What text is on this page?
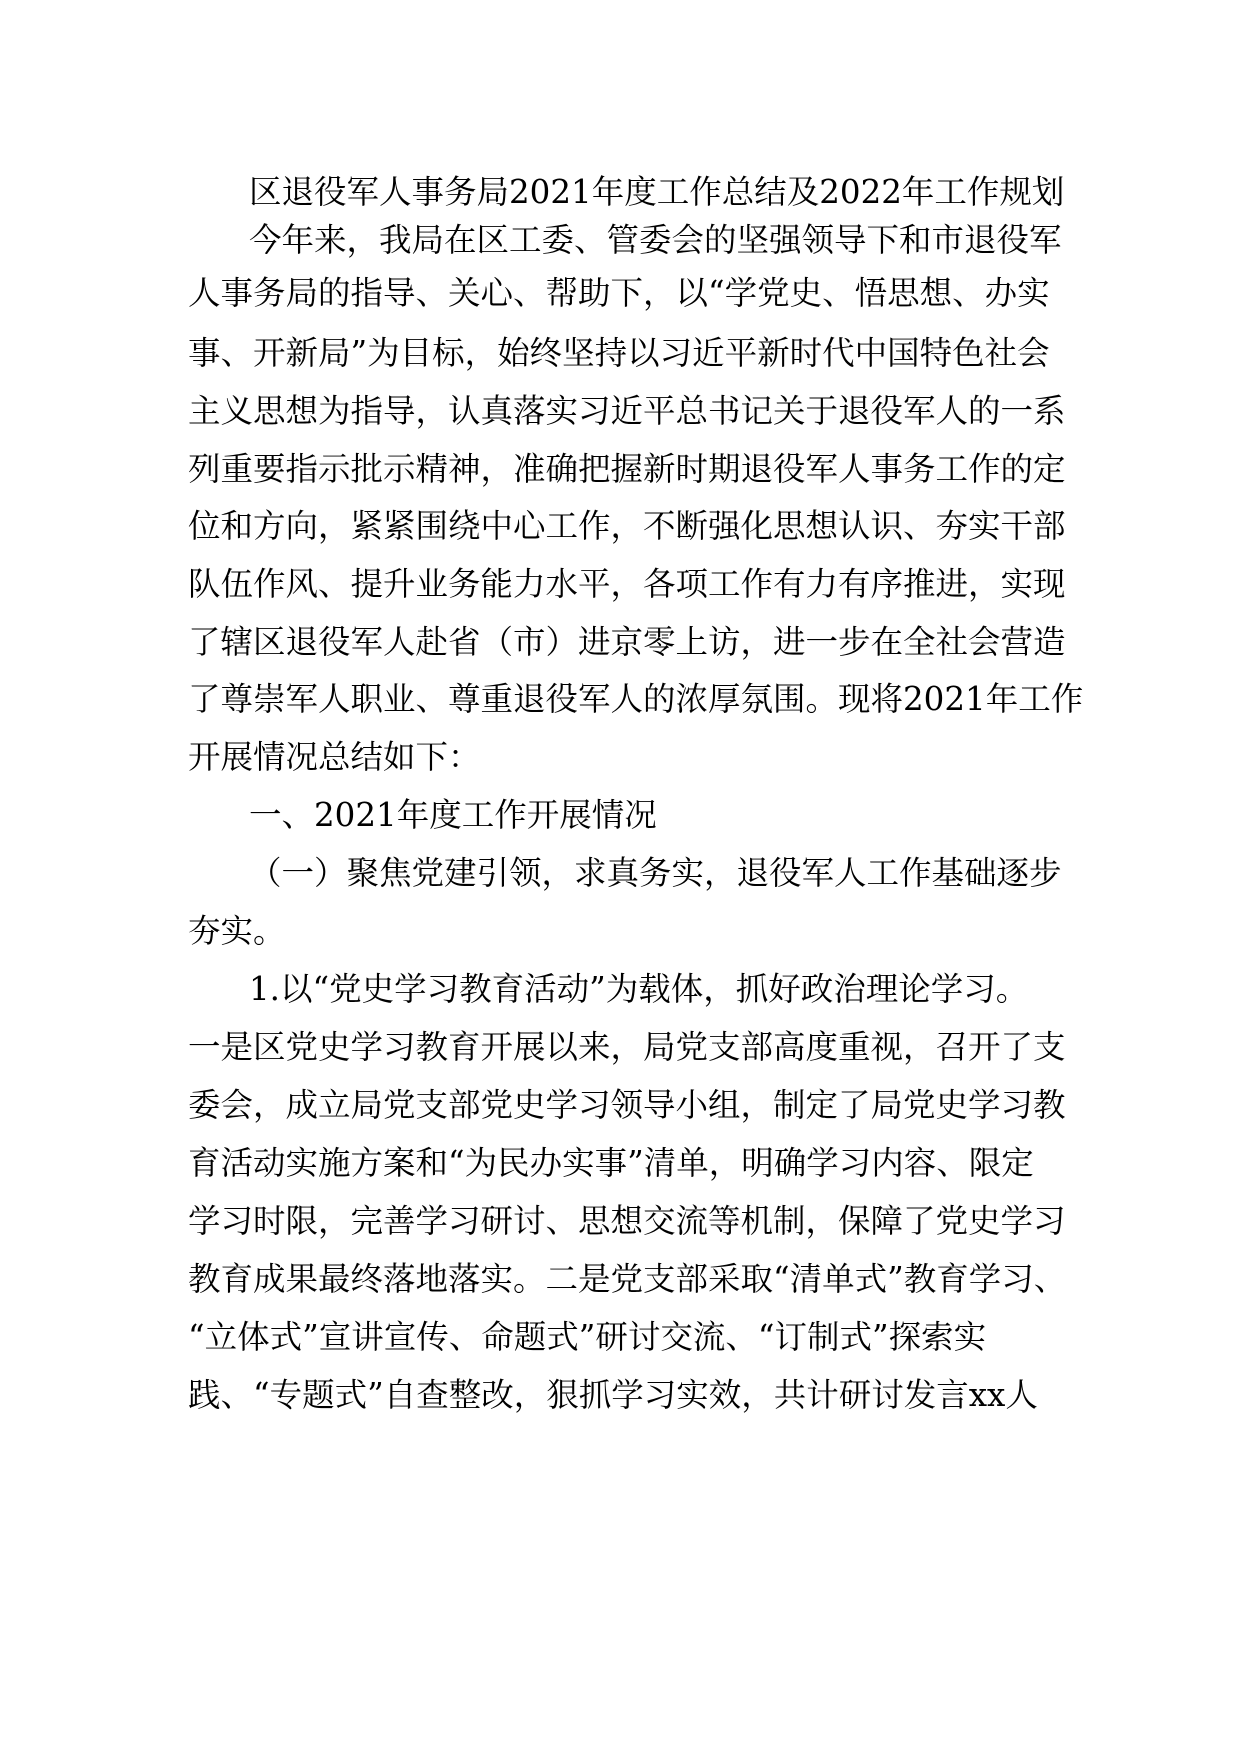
区退役军人事务局2021年度工作总结及2022年工作规划
今年来，我局在区工委、管委会的坚强领导下和市退役军
人事务局的指导、关心、帮助下，以“学党史、悟思想、办实
事、开新局”为目标，始终坚持以习近平新时代中国特色社会
主义思想为指导，认真落实习近平总书记关于退役军人的一系
列重要指示批示精神，准确把握新时期退役军人事务工作的定
位和方向，紧紧围绕中心工作，不断强化思想认识、夯实干部
队伍作风、提升业务能力水平，各项工作有力有序推进，实现
了辖区退役军人赴省（市）进京零上访，进一步在全社会营造
了尊崇军人职业、尊重退役军人的浓厚氛围。现将2021年工作
开展情况总结如下：
一、2021年度工作开展情况
（一）聚焦党建引领，求真务实，退役军人工作基础逐步
夯实。
1.以“党史学习教育活动”为载体，抓好政治理论学习。
一是区党史学习教育开展以来，局党支部高度重视，召开了支
委会，成立局党支部党史学习领导小组，制定了局党史学习教
育活动实施方案和“为民办实事”清单，明确学习内容、限定
学习时限，完善学习研讨、思想交流等机制，保障了党史学习
教育成果最终落地落实。二是党支部采取“清单式”教育学习、
“立体式”宣讲宣传、命题式”研讨交流、“订制式”探索实
践、“专题式”自查整改，狠抓学习实效，共计研讨发言xx人
